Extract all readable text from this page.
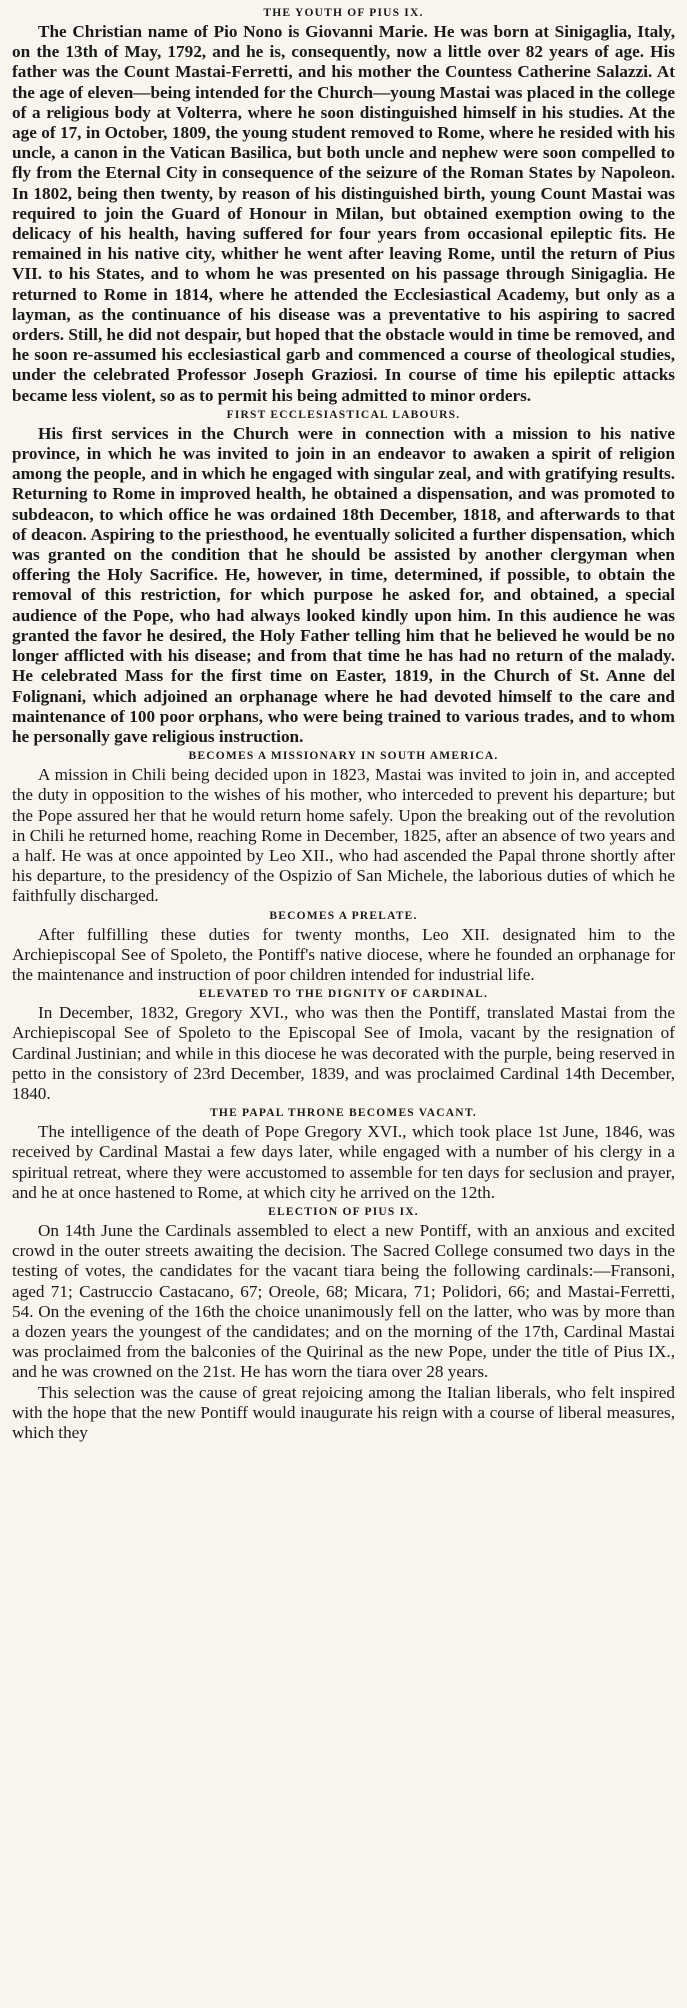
THE YOUTH OF PIUS IX.

The Christian name of Pio Nono is Giovanni Marie. He was born at Sinigaglia, Italy, on the 13th of May, 1792, and he is, consequently, now a little over 82 years of age. His father was the Count Mastai-Ferretti, and his mother the Countess Catherine Salazzi. At the age of eleven—being intended for the Church—young Mastai was placed in the college of a religious body at Volterra, where he soon distinguished himself in his studies. At the age of 17, in October, 1809, the young student removed to Rome, where he resided with his uncle, a canon in the Vatican Basilica, but both uncle and nephew were soon compelled to fly from the Eternal City in consequence of the seizure of the Roman States by Napoleon. In 1802, being then twenty, by reason of his distinguished birth, young Count Mastai was required to join the Guard of Honour in Milan, but obtained exemption owing to the delicacy of his health, having suffered for four years from occasional epileptic fits. He remained in his native city, whither he went after leaving Rome, until the return of Pius VII. to his States, and to whom he was presented on his passage through Sinigaglia. He returned to Rome in 1814, where he attended the Ecclesiastical Academy, but only as a layman, as the continuance of his disease was a preventative to his aspiring to sacred orders. Still, he did not despair, but hoped that the obstacle would in time be removed, and he soon re-assumed his ecclesiastical garb and commenced a course of theological studies, under the celebrated Professor Joseph Graziosi. In course of time his epileptic attacks became less violent, so as to permit his being admitted to minor orders.

FIRST ECCLESIASTICAL LABOURS.

His first services in the Church were in connection with a mission to his native province, in which he was invited to join in an endeavor to awaken a spirit of religion among the people, and in which he engaged with singular zeal, and with gratifying results. Returning to Rome in improved health, he obtained a dispensation, and was promoted to subdeacon, to which office he was ordained 18th December, 1818, and afterwards to that of deacon. Aspiring to the priesthood, he eventually solicited a further dispensation, which was granted on the condition that he should be assisted by another clergyman when offering the Holy Sacrifice. He, however, in time, determined, if possible, to obtain the removal of this restriction, for which purpose he asked for, and obtained, a special audience of the Pope, who had always looked kindly upon him. In this audience he was granted the favor he desired, the Holy Father telling him that he believed he would be no longer afflicted with his disease; and from that time he has had no return of the malady. He celebrated Mass for the first time on Easter, 1819, in the Church of St. Anne del Folignani, which adjoined an orphanage where he had devoted himself to the care and maintenance of 100 poor orphans, who were being trained to various trades, and to whom he personally gave religious instruction.

BECOMES A MISSIONARY IN SOUTH AMERICA.

A mission in Chili being decided upon in 1823, Mastai was invited to join in, and accepted the duty in opposition to the wishes of his mother, who interceded to prevent his departure; but the Pope assured her that he would return home safely. Upon the breaking out of the revolution in Chili he returned home, reaching Rome in December, 1825, after an absence of two years and a half. He was at once appointed by Leo XII., who had ascended the Papal throne shortly after his departure, to the presidency of the Ospizio of San Michele, the laborious duties of which he faithfully discharged.

BECOMES A PRELATE.

After fulfilling these duties for twenty months, Leo XII. designated him to the Archiepiscopal See of Spoleto, the Pontiff's native diocese, where he founded an orphanage for the maintenance and instruction of poor children intended for industrial life.

ELEVATED TO THE DIGNITY OF CARDINAL.

In December, 1832, Gregory XVI., who was then the Pontiff, translated Mastai from the Archiepiscopal See of Spoleto to the Episcopal See of Imola, vacant by the resignation of Cardinal Justinian; and while in this diocese he was decorated with the purple, being reserved in petto in the consistory of 23rd December, 1839, and was proclaimed Cardinal 14th December, 1840.

THE PAPAL THRONE BECOMES VACANT.

The intelligence of the death of Pope Gregory XVI., which took place 1st June, 1846, was received by Cardinal Mastai a few days later, while engaged with a number of his clergy in a spiritual retreat, where they were accustomed to assemble for ten days for seclusion and prayer, and he at once hastened to Rome, at which city he arrived on the 12th.

ELECTION OF PIUS IX.

On 14th June the Cardinals assembled to elect a new Pontiff, with an anxious and excited crowd in the outer streets awaiting the decision. The Sacred College consumed two days in the testing of votes, the candidates for the vacant tiara being the following cardinals:—Fransoni, aged 71; Castruccio Castacano, 67; Oreole, 68; Micara, 71; Polidori, 66; and Mastai-Ferretti, 54. On the evening of the 16th the choice unanimously fell on the latter, who was by more than a dozen years the youngest of the candidates; and on the morning of the 17th, Cardinal Mastai was proclaimed from the balconies of the Quirinal as the new Pope, under the title of Pius IX., and he was crowned on the 21st. He has worn the tiara over 28 years.

This selection was the cause of great rejoicing among the Italian liberals, who felt inspired with the hope that the new Pontiff would inaugurate his reign with a course of liberal measures, which they
